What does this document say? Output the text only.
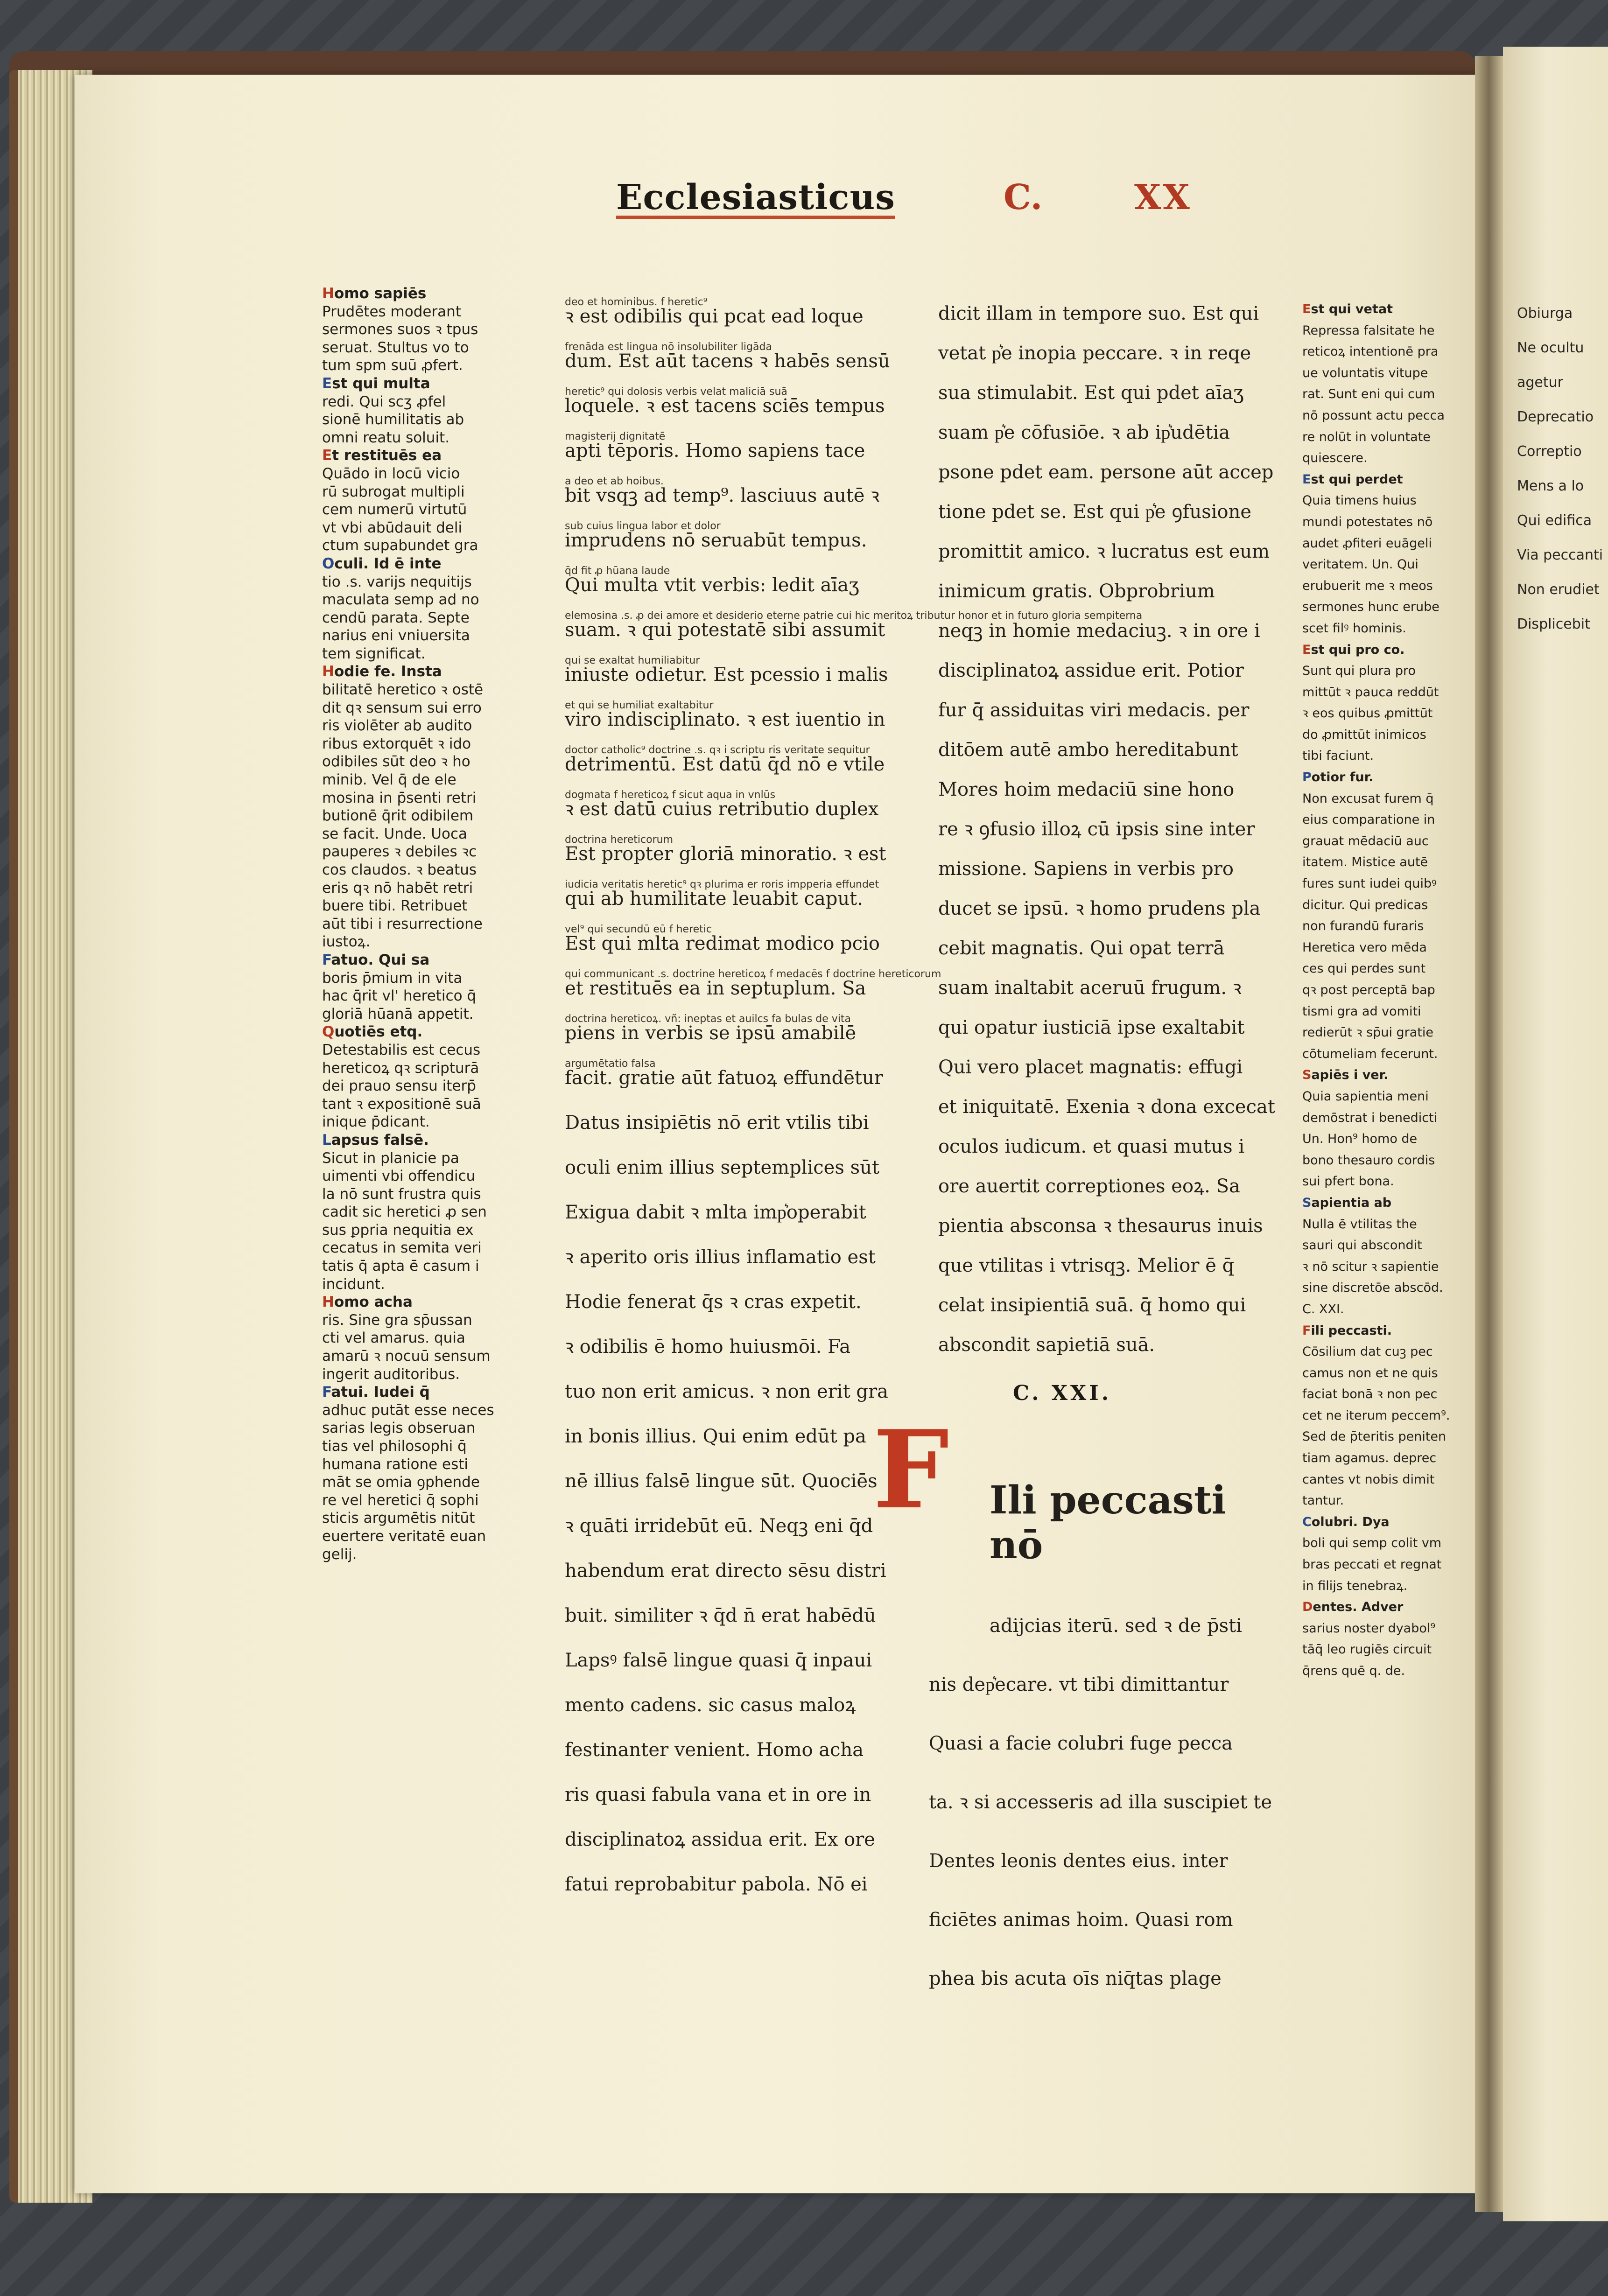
Obiurga

Ne ocultu

agetur

Deprecatio

Correptio

Mens a lo

Qui edifica

Via peccanti

Non erudiet

Displicebit

Ecclesiasticus	C.	XX

Homo sapiēs

Prudētes moderant

sermones suos ꝛ tpus

seruat. Stultus vo to

tum spm suū ꝓfert.

Est qui multa

redi. Qui scʒ ꝓfel

sionē humilitatis ab

omni reatu soluit.

Et restituēs ea

Quādo in locū vicio

rū subrogat multipli

cem numerū virtutū

vt vbi abūdauit deli

ctum supabundet gra

Oculi. Id ē inte

tio .s. varijs nequitijs

maculata semp ad no

cendū parata. Septe

narius eni vniuersita

tem significat.

Hodie fe. Insta

bilitatē heretico ꝛ ostē

dit qꝛ sensum sui erro

ris violēter ab audito

ribus extorquēt ꝛ ido

odibiles sūt deo ꝛ ho

minib. Vel q̄ de ele

mosina in p̄senti retri

butionē q̄rit odibilem

se facit. Unde. Uoca

pauperes ꝛ debiles ꝛc

cos claudos. ꝛ beatus

eris qꝛ nō habēt retri

buere tibi. Retribuet

aūt tibi i resurrectione

iustoꝝ.

Fatuo. Qui sa

boris p̄mium in vita

hac q̄rit vl' heretico q̄

gloriā hūanā appetit.

Quotiēs etq.

Detestabilis est cecus

hereticoꝝ qꝛ scripturā

dei prauo sensu iterp̄

tant ꝛ expositionē suā

inique p̄dicant.

Lapsus falsē.

Sicut in planicie pa

uimenti vbi offendicu

la nō sunt frustra quis

cadit sic heretici ꝓ sen

sus ꝑpria nequitia ex

cecatus in semita veri

tatis q̄ apta ē casum i

incidunt.

Homo acha

ris. Sine gra sp̄ussan

cti vel amarus. quia

amarū ꝛ nocuū sensum

ingerit auditoribus.

Fatui. Iudei q̄

adhuc putāt esse neces

sarias legis obseruan

tias vel philosophi q̄

humana ratione esti

māt se omia ꝯphende

re vel heretici q̄ sophi

sticis argumētis nitūt

euertere veritatē euan

gelij.

ꝛ est odibilis qui pcat ead loque

dum. Est aūt tacens ꝛ habēs sensū

loquele. ꝛ est tacens sciēs tempus

apti tēporis. Homo sapiens tace

bit vsqꝫ ad temp⁹. lasciuus autē ꝛ

imprudens nō seruabūt tempus.

Qui multa vtit verbis: ledit aīaʒ

suam. ꝛ qui potestatē sibi assumit

iniuste odietur. Est pcessio i malis

viro indisciplinato. ꝛ est iuentio in

detrimentū. Est datū q̄d nō e vtile

ꝛ est datū cuius retributio duplex

Est propter gloriā minoratio. ꝛ est

qui ab humilitate leuabit caput.

Est qui mlta redimat modico pcio

et restituēs ea in septuplum. Sa

piens in verbis se ipsū amabilē

facit. gratie aūt fatuoꝝ effundētur

Datus insipiētis nō erit vtilis tibi

oculi enim illius septemplices sūt

Exigua dabit ꝛ mlta imp͛operabit

ꝛ aperito oris illius inflamatio est

Hodie fenerat q̄s ꝛ cras expetit.

ꝛ odibilis ē homo huiusmōi. Fa

tuo non erit amicus. ꝛ non erit gra

in bonis illius. Qui enim edūt pa

nē illius falsē lingue sūt. Quociēs

ꝛ quāti irridebūt eū. Neqꝫ eni q̄d

habendum erat directo sēsu distri

buit. similiter ꝛ q̄d n̄ erat habēdū

Lapsꝰ falsē lingue quasi q̄ inpaui

mento cadens. sic casus maloꝝ

festinanter venient. Homo acha

ris quasi fabula vana et in ore in

disciplinatoꝝ assidua erit. Ex ore

fatui reprobabitur pabola. Nō ei

deo et hominibus. f heretic⁹

frenāda est lingua nō insolubiliter ligāda

heretic⁹ qui dolosis verbis velat maliciā suā

magisterij dignitatē

a deo et ab hoibus.

sub cuius lingua labor et dolor

q̄d fit ꝓ hūana laude

elemosina .s. ꝓ dei amore et desiderio eterne patrie cui hic meritoꝝ tributur honor et in futuro gloria sempiterna

qui se exaltat humiliabitur

et qui se humiliat exaltabitur

doctor catholic⁹ doctrine .s. qꝛ i scriptu ris veritate sequitur

dogmata f hereticoꝝ f sicut aqua in vnlūs

doctrina hereticorum

iudicia veritatis heretic⁹ qꝛ plurima er roris impperia effundet

vel⁹ qui secundū eū f heretic

qui communicant .s. doctrine hereticoꝝ f medacēs f doctrine hereticorum

doctrina hereticoꝝ. vñ: ineptas et auilcs fa bulas de vita

argumētatio falsa

dicit illam in tempore suo. Est qui

vetat p͛e inopia peccare. ꝛ in reqe

sua stimulabit. Est qui pdet aīaʒ

suam p͛e cōfusiōe. ꝛ ab ip͛udētia

psone pdet eam. persone aūt accep

tione pdet se. Est qui p͛e ꝯfusione

promittit amico. ꝛ lucratus est eum

inimicum gratis. Obprobrium

neqꝫ in homie medaciuꝫ. ꝛ in ore i

disciplinatoꝝ assidue erit. Potior

fur q̄ assiduitas viri medacis. per

ditōem autē ambo hereditabunt

Mores hoim medaciū sine hono

re ꝛ ꝯfusio illoꝝ cū ipsis sine inter

missione. Sapiens in verbis pro

ducet se ipsū. ꝛ homo prudens pla

cebit magnatis. Qui opat terrā

suam inaltabit aceruū frugum. ꝛ

qui opatur iusticiā ipse exaltabit

Qui vero placet magnatis: effugi

et iniquitatē. Exenia ꝛ dona excecat

oculos iudicum. et quasi mutus i

ore auertit correptiones eoꝝ. Sa

pientia absconsa ꝛ thesaurus inuis

que vtilitas i vtrisqꝫ. Melior ē q̄

celat insipientiā suā. q̄ homo qui

abscondit sapietiā suā.

C. XXI.
F	Ili peccasti nō

adijcias iterū. sed ꝛ de p̄sti

nis dep͛ecare. vt tibi dimittantur

Quasi a facie colubri fuge pecca

ta. ꝛ si accesseris ad illa suscipiet te

Dentes leonis dentes eius. inter

ficiētes animas hoim. Quasi rom

phea bis acuta oīs niq̄tas plage

Est qui vetat

Repressa falsitate he

reticoꝝ intentionē pra

ue voluntatis vitupe

rat. Sunt eni qui cum

nō possunt actu pecca

re nolūt in voluntate

quiescere.

Est qui perdet

Quia timens huius

mundi potestates nō

audet ꝓfiteri euāgeli

veritatem. Un. Qui

erubuerit me ꝛ meos

sermones hunc erube

scet filꝰ hominis.

Est qui pro co.

Sunt qui plura pro

mittūt ꝛ pauca reddūt

ꝛ eos quibus ꝓmittūt

do ꝓmittūt inimicos

tibi faciunt.

Potior fur.

Non excusat furem q̄

eius comparatione in

grauat mēdaciū auc

itatem. Mistice autē

fures sunt iudei quibꝰ

dicitur. Qui predicas

non furandū furaris

Heretica vero mēda

ces qui perdes sunt

qꝛ post perceptā bap

tismi gra ad vomiti

redierūt ꝛ sp̄ui gratie

cōtumeliam fecerunt.

Sapiēs i ver.

Quia sapientia meni

demōstrat i benedicti

Un. Hon⁹ homo de

bono thesauro cordis

sui pfert bona.

Sapientia ab

Nulla ē vtilitas the

sauri qui abscondit

ꝛ nō scitur ꝛ sapientie

sine discretōe abscōd.

C. XXI.

Fili peccasti.

Cōsilium dat cuꝫ pec

camus non et ne quis

faciat bonā ꝛ non pec

cet ne iterum peccem⁹.

Sed de p̄teritis peniten

tiam agamus. deprec

cantes vt nobis dimit

tantur.

Colubri. Dya

boli qui semp colit vm

bras peccati et regnat

in filijs tenebraꝝ.

Dentes. Adver

sarius noster dyabol⁹

tāq̄ leo rugiēs circuit

q̄rens quē q. de.
